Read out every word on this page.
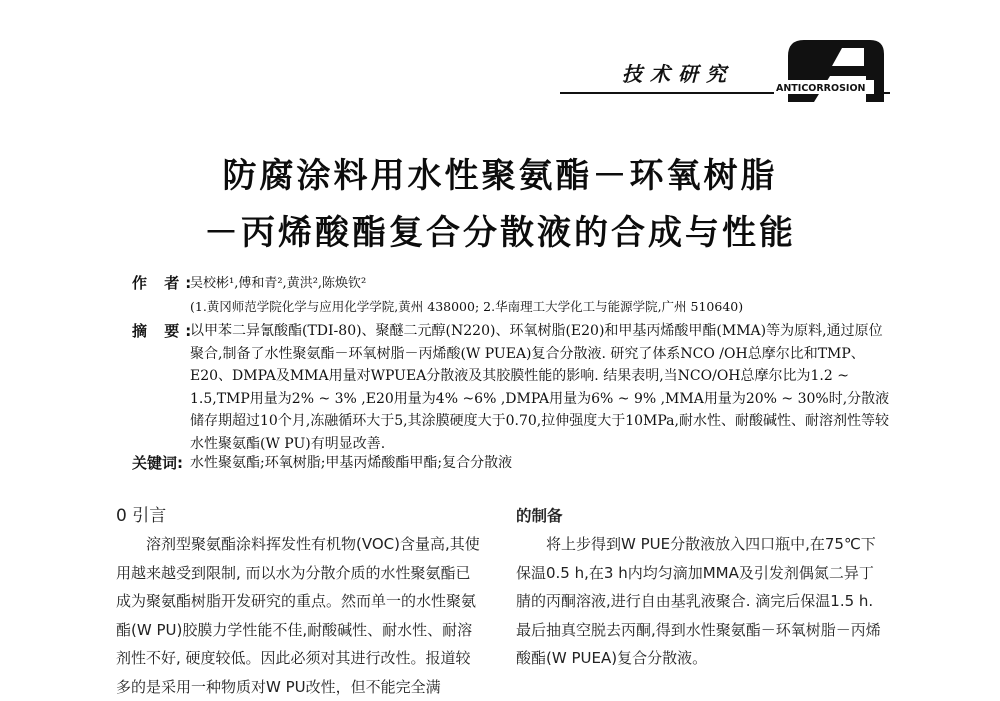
技术研究
ANTICORROSION
防腐涂料用水性聚氨酯－环氧树脂
－丙烯酸酯复合分散液的合成与性能
作 者:
吴校彬¹,傅和青²,黄洪²,陈焕钦²
(1.黄冈师范学院化学与应用化学学院,黄州 438000; 2.华南理工大学化工与能源学院,广州 510640)
摘 要:
以甲苯二异氰酸酯(TDI-80)、聚醚二元醇(N220)、环氧树脂(E20)和甲基丙烯酸甲酯(MMA)等为原料,通过原位聚合,制备了水性聚氨酯－环氧树脂－丙烯酸(W PUEA)复合分散液. 研究了体系NCO /OH总摩尔比和TMP、E20、DMPA及MMA用量对WPUEA分散液及其胶膜性能的影响. 结果表明,当NCO/OH总摩尔比为1.2 ~ 1.5,TMP用量为2% ~ 3% ,E20用量为4% ~6% ,DMPA用量为6% ~ 9% ,MMA用量为20% ~ 30%时,分散液储存期超过10个月,冻融循环大于5,其涂膜硬度大于0.70,拉伸强度大于10MPa,耐水性、耐酸碱性、耐溶剂性等较水性聚氨酯(W PU)有明显改善.
关键词: 水性聚氨酯;环氧树脂;甲基丙烯酸酯甲酯;复合分散液
0 引言

溶剂型聚氨酯涂料挥发性有机物(VOC)含量高,其使用越来越受到限制, 而以水为分散介质的水性聚氨酯已成为聚氨酯树脂开发研究的重点。然而单一的水性聚氨酯(W PU)胶膜力学性能不佳,耐酸碱性、耐水性、耐溶剂性不好, 硬度较低。因此必须对其进行改性。报道较多的是采用一种物质对W PU改性，但不能完全满

的制备

将上步得到W PUE分散液放入四口瓶中,在75℃下保温0.5 h,在3 h内均匀滴加MMA及引发剂偶氮二异丁腈的丙酮溶液,进行自由基乳液聚合. 滴完后保温1.5 h. 最后抽真空脱去丙酮,得到水性聚氨酯－环氧树脂－丙烯酸酯(W PUEA)复合分散液。
